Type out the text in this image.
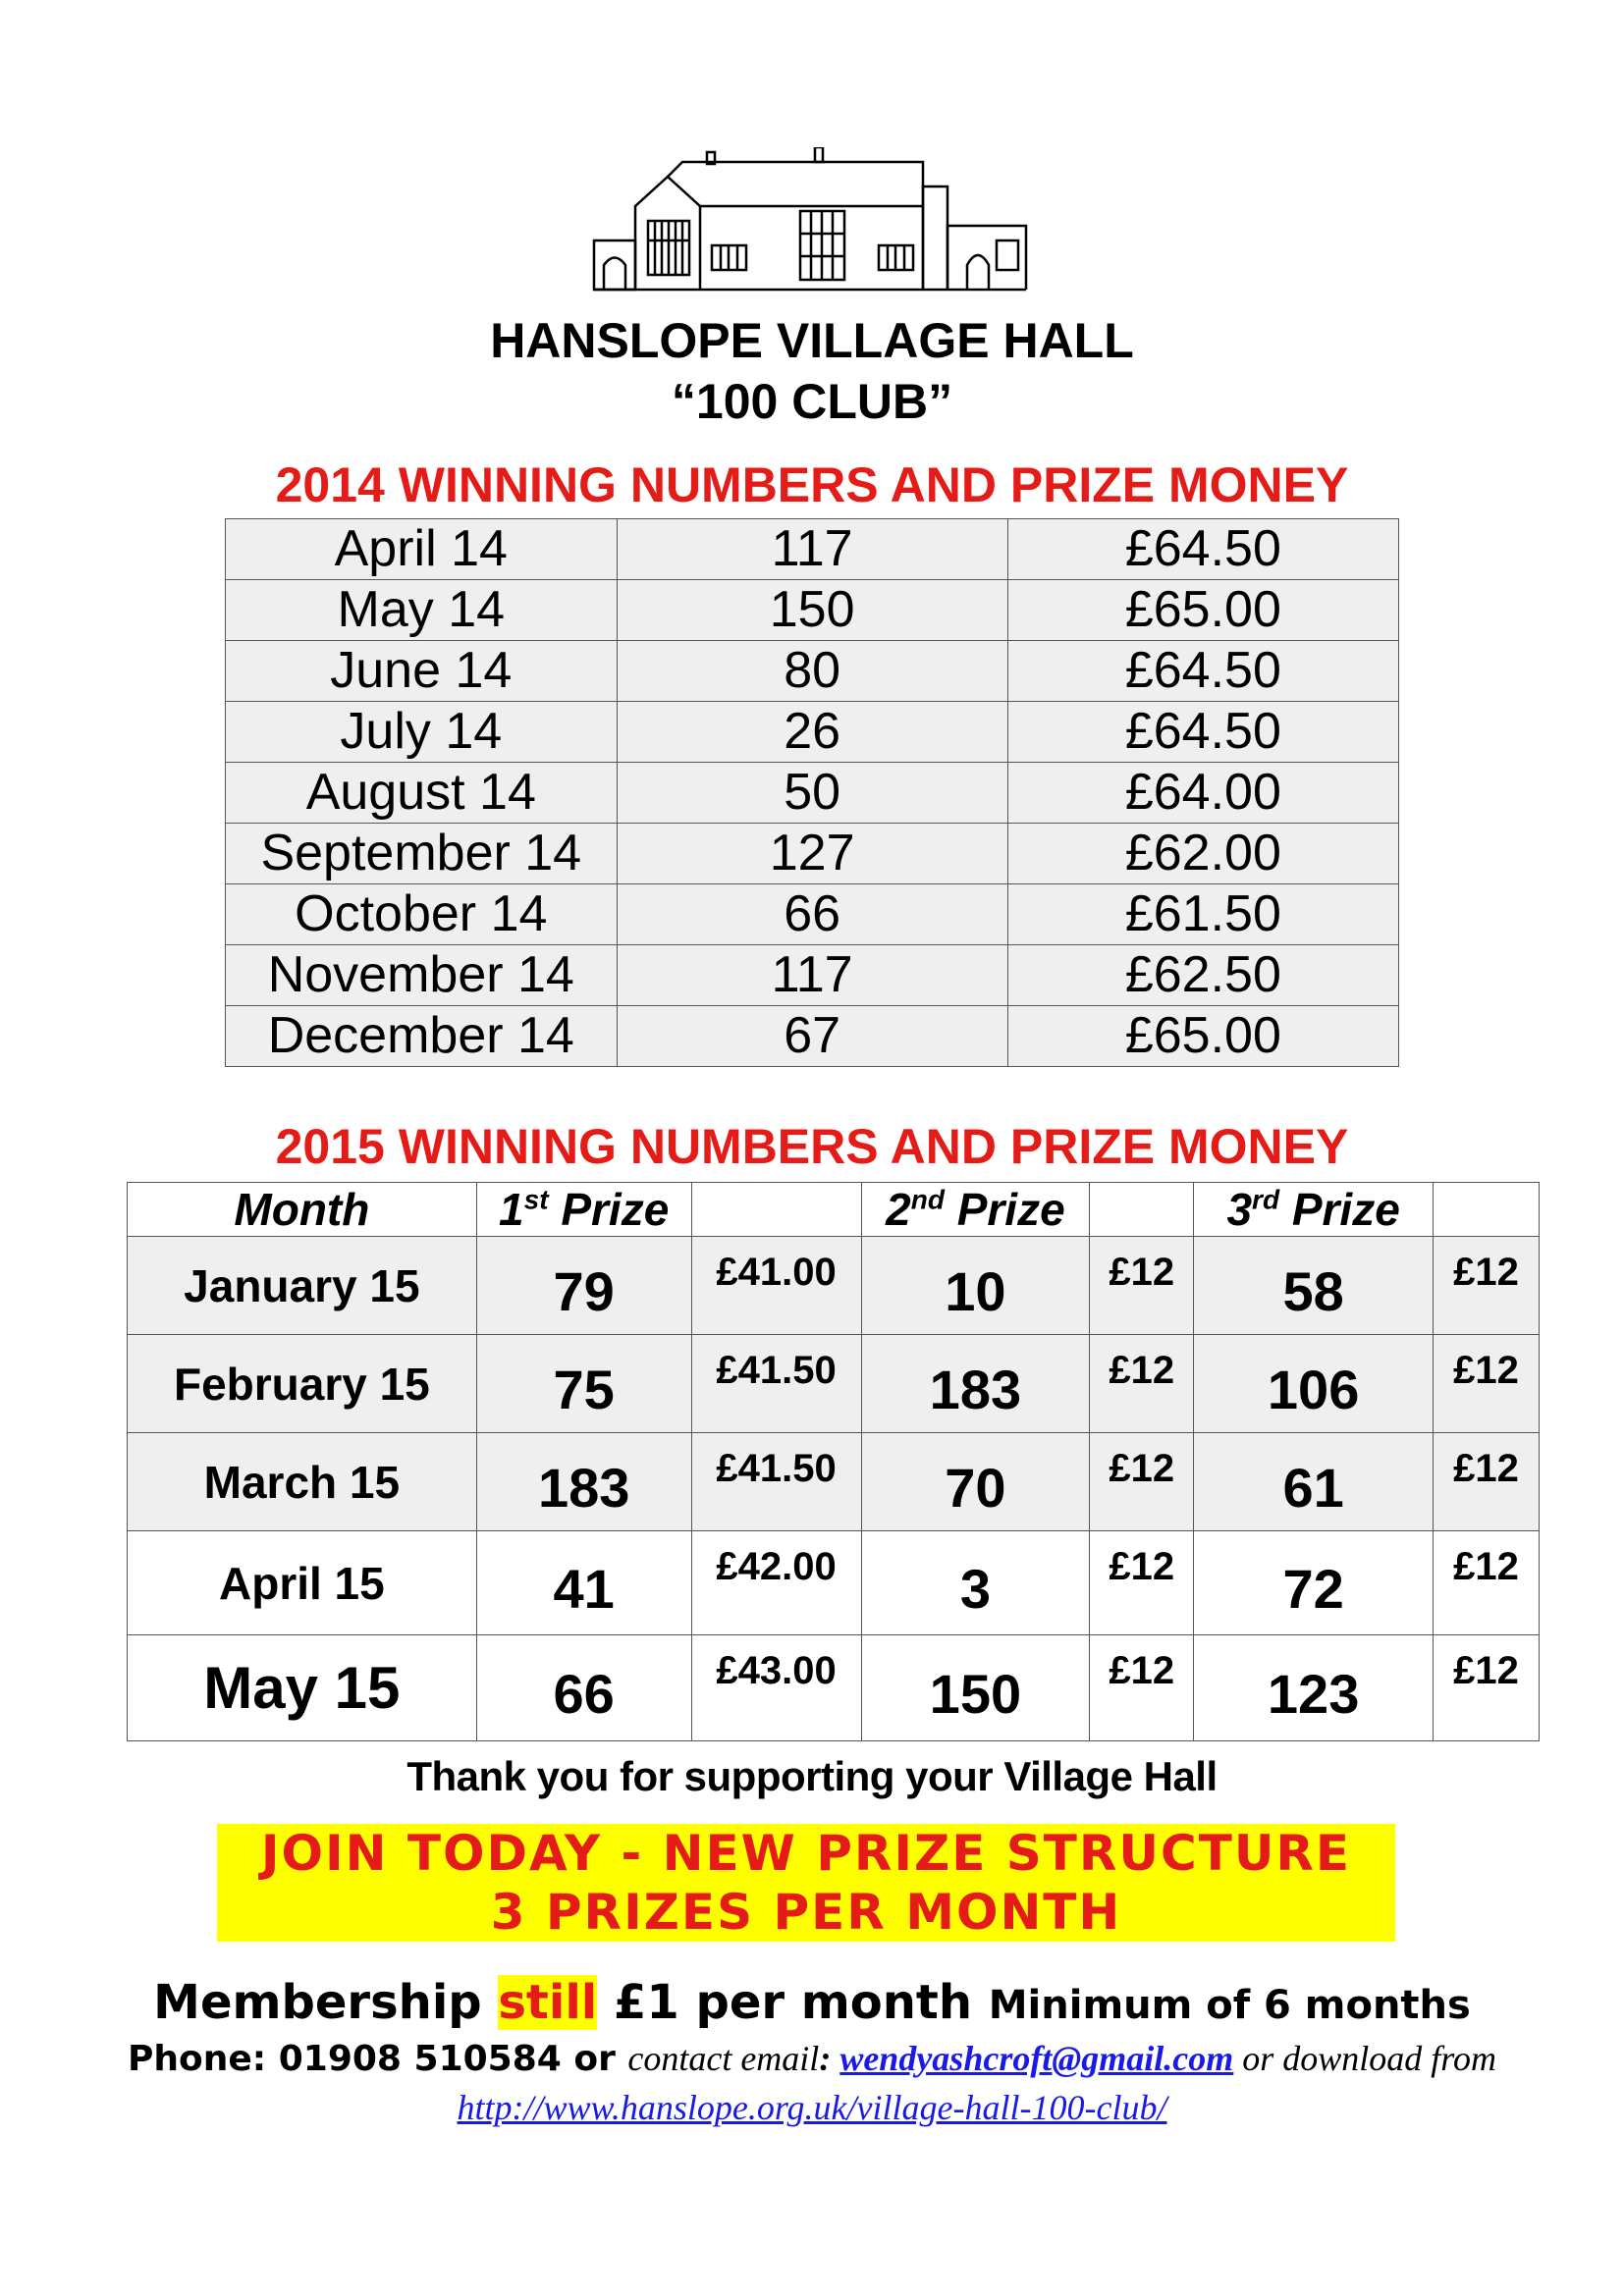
HANSLOPE VILLAGE HALL
“100 CLUB”
2014 WINNING NUMBERS AND PRIZE MONEY
April 14	117	£64.50
May 14	150	£65.00
June 14	80	£64.50
July 14	26	£64.50
August 14	50	£64.00
September 14	127	£62.00
October 14	66	£61.50
November 14	117	£62.50
December 14	67	£65.00
2015 WINNING NUMBERS AND PRIZE MONEY
Month	1st Prize		2nd Prize		3rd Prize	
January 15	79	£41.00	10	£12	58	£12
February 15	75	£41.50	183	£12	106	£12
March 15	183	£41.50	70	£12	61	£12
April 15	41	£42.00	3	£12	72	£12
May 15	66	£43.00	150	£12	123	£12
Thank you for supporting your Village Hall
JOIN TODAY - NEW PRIZE STRUCTURE
3 PRIZES PER MONTH
Membership still £1 per month Minimum of 6 months
Phone: 01908 510584 or contact email: wendyashcroft@gmail.com or download from
http://www.hanslope.org.uk/village-hall-100-club/
